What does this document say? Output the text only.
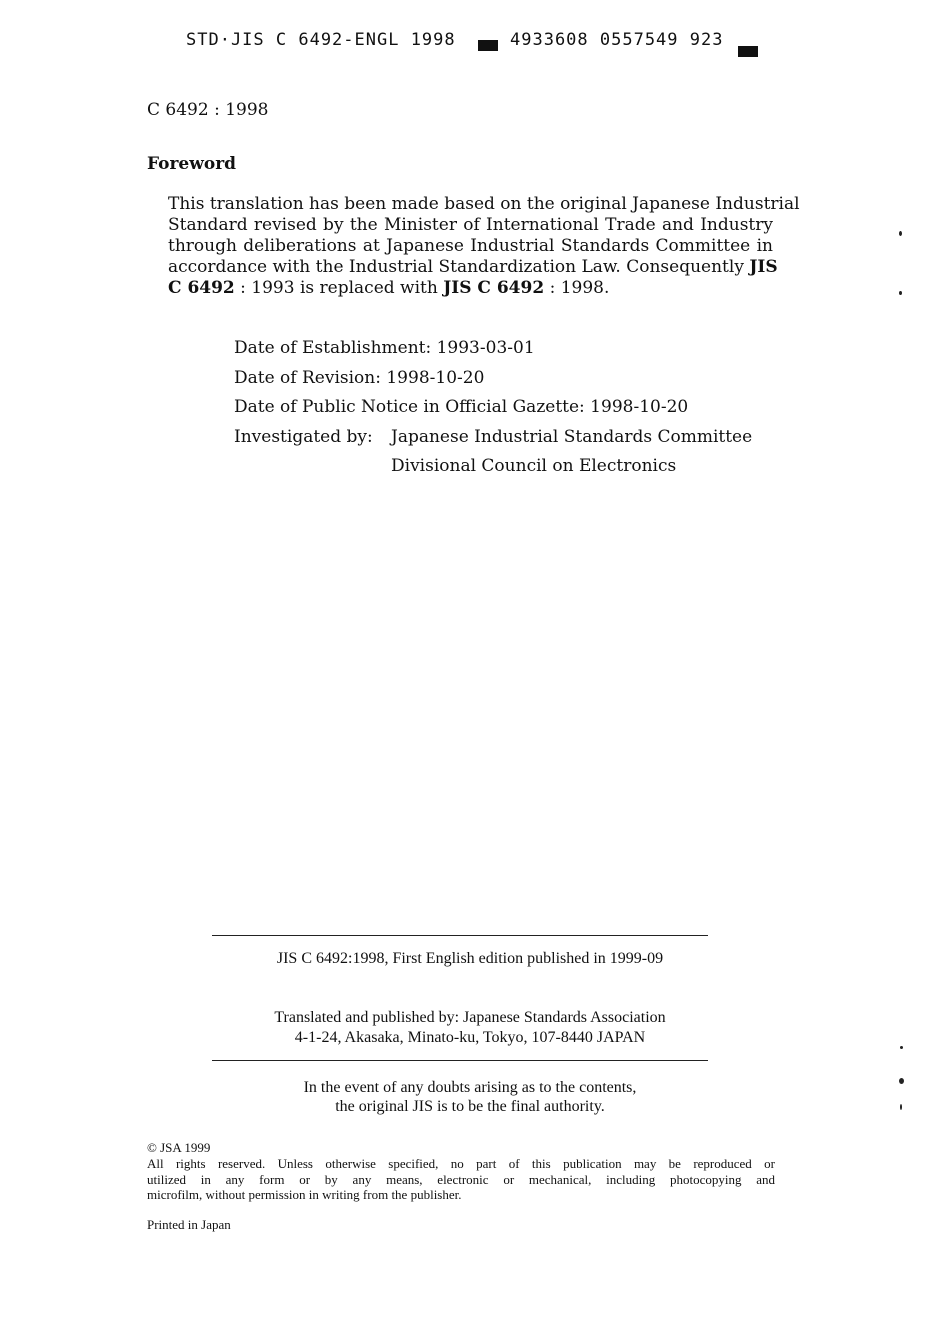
STD·JIS C 6492-ENGL 1998	4933608 0557549 923
C 6492 : 1998
Foreword
This translation has been made based on the original Japanese Industrial
Standard revised by the Minister of International Trade and Industry
through deliberations at Japanese Industrial Standards Committee in
accordance with the Industrial Standardization Law. Consequently JIS
C 6492 : 1993 is replaced with JIS C 6492 : 1998.
Date of Establishment: 1993-03-01
Date of Revision: 1998-10-20
Date of Public Notice in Official Gazette: 1998-10-20
Investigated by: Japanese Industrial Standards Committee
Divisional Council on Electronics
JIS C 6492:1998, First English edition published in 1999-09
Translated and published by: Japanese Standards Association
4-1-24, Akasaka, Minato-ku, Tokyo, 107-8440 JAPAN
In the event of any doubts arising as to the contents,
the original JIS is to be the final authority.
© JSA 1999
All rights reserved. Unless otherwise specified, no part of this publication may be reproduced or
utilized in any form or by any means, electronic or mechanical, including photocopying and
microfilm, without permission in writing from the publisher.
Printed in Japan
